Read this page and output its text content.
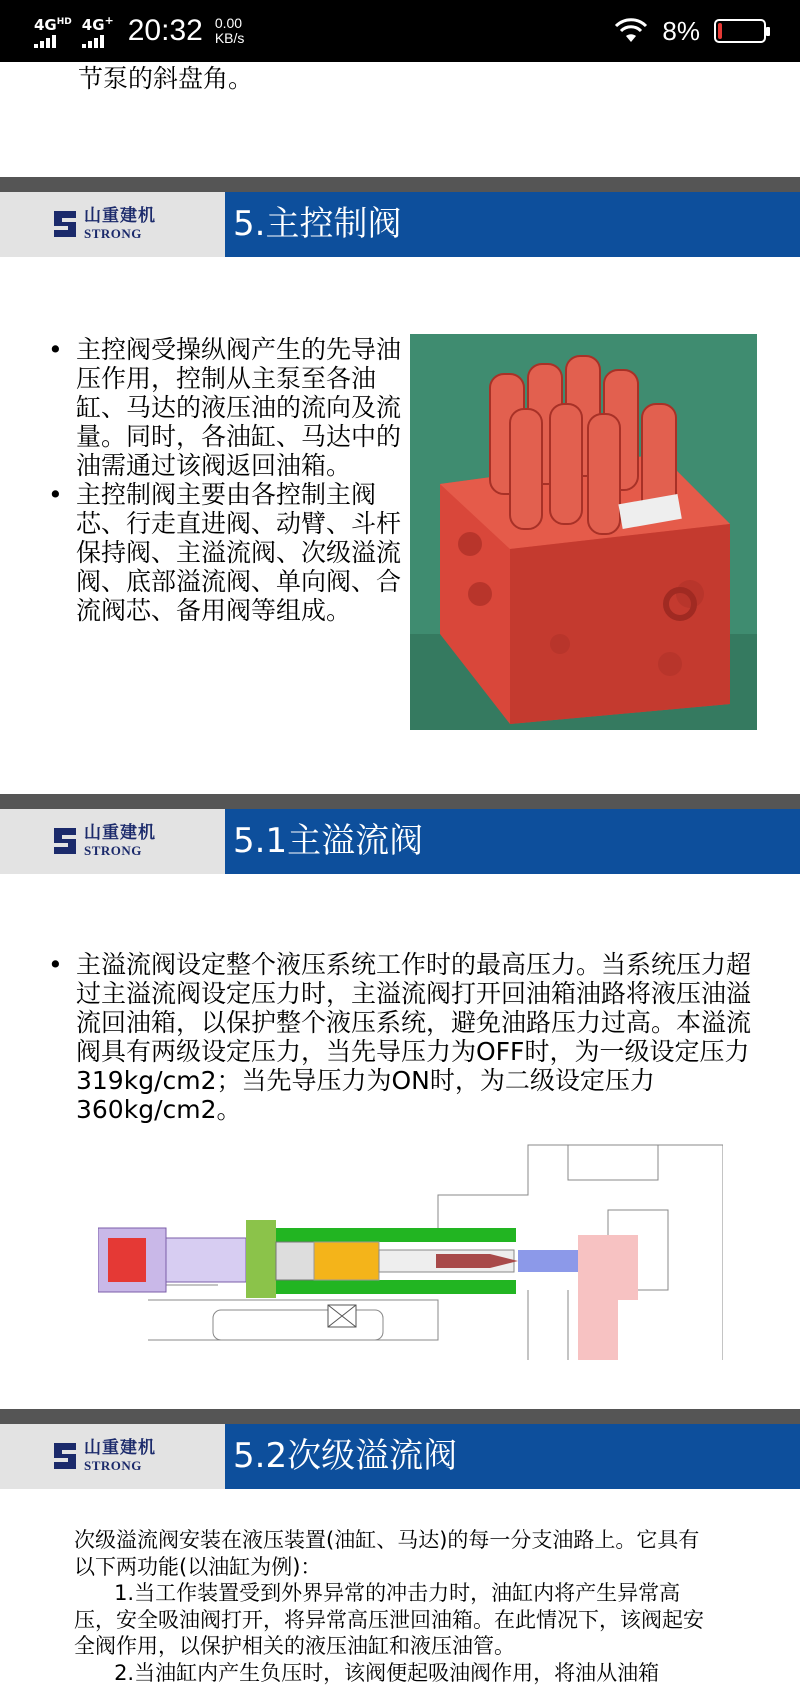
$4G^{HD}$ 4G+ 20:32 0.00
KB/s	8%
节泵的斜盘角。
山重建机
STRONG	5.主控制阀
• 主控阀受操纵阀产生的先导油压作用，控制从主泵至各油缸、马达的液压油的流向及流量。同时，各油缸、马达中的油需通过该阀返回油箱。
• 主控制阀主要由各控制主阀芯、行走直进阀、动臂、斗杆保持阀、主溢流阀、次级溢流阀、底部溢流阀、单向阀、合流阀芯、备用阀等组成。
山重建机
STRONG	5.1主溢流阀
• 主溢流阀设定整个液压系统工作时的最高压力。当系统压力超过主溢流阀设定压力时，主溢流阀打开回油箱油路将液压油溢流回油箱，以保护整个液压系统，避免油路压力过高。本溢流阀具有两级设定压力，当先导压力为OFF时，为一级设定压力319kg/cm2；当先导压力为ON时，为二级设定压力360kg/cm2。
山重建机
STRONG	5.2次级溢流阀
次级溢流阀安装在液压装置(油缸、马达)的每一分支油路上。它具有以下两功能(以油缸为例)：
1.当工作装置受到外界异常的冲击力时，油缸内将产生异常高压，安全吸油阀打开，将异常高压泄回油箱。在此情况下，该阀起安全阀作用，以保护相关的液压油缸和液压油管。
2.当油缸内产生负压时，该阀便起吸油阀作用，将油从油箱
